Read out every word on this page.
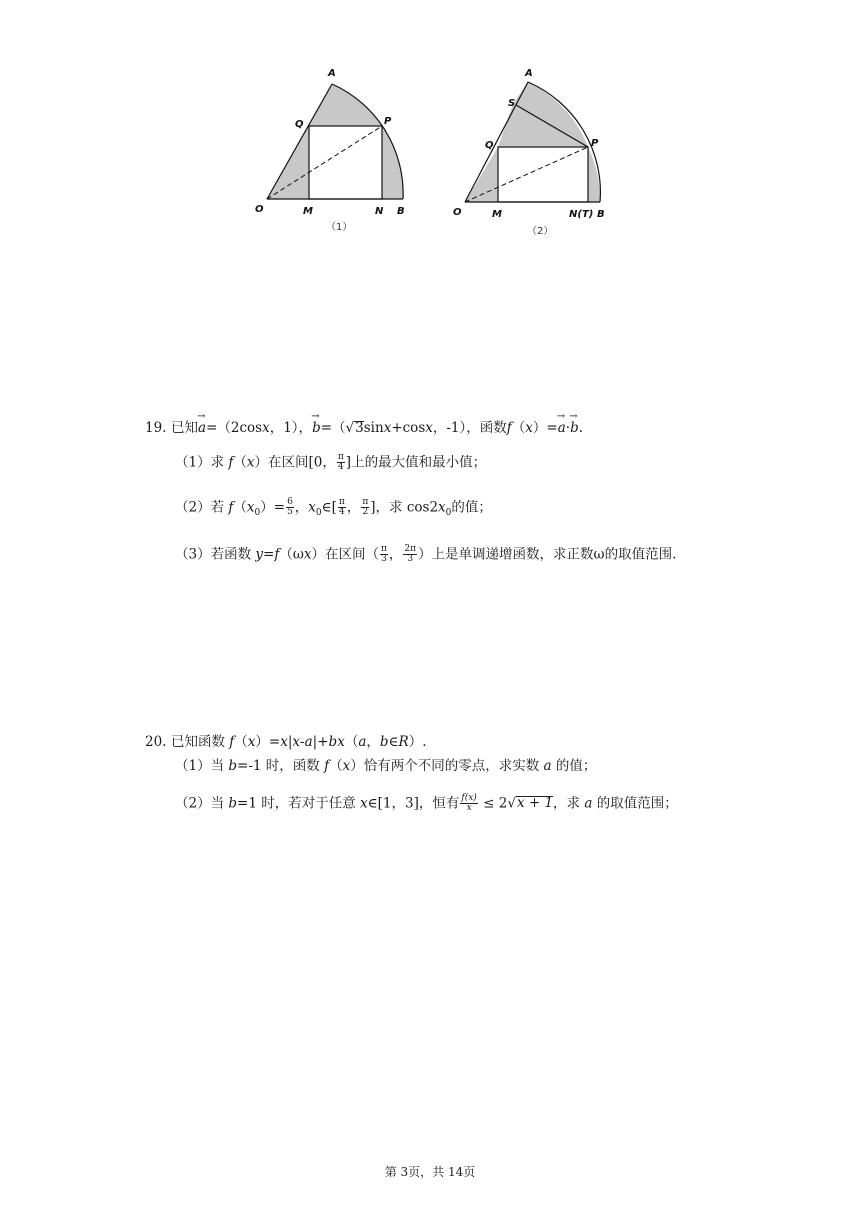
A
Q	P
O	M	N B
（1）
A
S
Q	P
O	M	N(T) B
（2）
19. 已知→ a=（2cosx，1），→ b=（√3sinx+cosx，-1），函数f（x）=→ a·→ b.
（1）求 f（x）在区间[0， $\frac{\pi}{4}$ ]上的最大值和最小值；
（2）若 $f(x_0)= \frac{6}{5}$ ，$x_0\in[ \frac{\pi}{4}$ ， $\frac{\pi}{2}$ ]，求 $\cos 2x_0$的值；
（3）若函数 y=f（ωx）在区间（ $\frac{\pi}{3}$ ， $\frac{2\pi}{3}$ ）上是单调递增函数，求正数ω的取值范围.
20. 已知函数 f（x）=x|x-a|+bx（a，b∈R）.
（1）当 b=-1 时，函数 f（x）恰有两个不同的零点，求实数 a 的值；
（2）当 b=1 时，若对于任意 x∈[1，3]，恒有 $\frac{f(x)}{x} \le 2√x + 1$，求 a 的取值范围；
第 3页，共 14页
